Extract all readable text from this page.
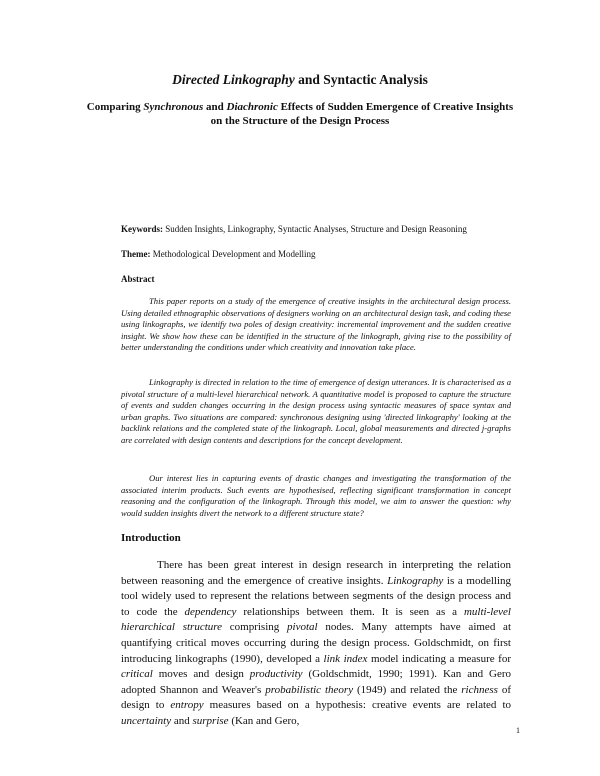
Directed Linkography and Syntactic Analysis
Comparing Synchronous and Diachronic Effects of Sudden Emergence of Creative Insights on the Structure of the Design Process
Keywords: Sudden Insights, Linkography, Syntactic Analyses, Structure and Design Reasoning
Theme: Methodological Development and Modelling
Abstract

This paper reports on a study of the emergence of creative insights in the architectural design process. Using detailed ethnographic observations of designers working on an architectural design task, and coding these using linkographs, we identify two poles of design creativity: incremental improvement and the sudden creative insight. We show how these can be identified in the structure of the linkograph, giving rise to the possibility of better understanding the conditions under which creativity and innovation take place.

Linkography is directed in relation to the time of emergence of design utterances. It is characterised as a pivotal structure of a multi-level hierarchical network. A quantitative model is proposed to capture the structure of events and sudden changes occurring in the design process using syntactic measures of space syntax and urban graphs. Two situations are compared: synchronous designing using 'directed linkography' looking at the backlink relations and the completed state of the linkograph. Local, global measurements and directed j-graphs are correlated with design contents and descriptions for the concept development.

Our interest lies in capturing events of drastic changes and investigating the transformation of the associated interim products. Such events are hypothesised, reflecting significant transformation in concept reasoning and the configuration of the linkograph. Through this model, we aim to answer the question: why would sudden insights divert the network to a different structure state?

Introduction

There has been great interest in design research in interpreting the relation between reasoning and the emergence of creative insights. Linkography is a modelling tool widely used to represent the relations between segments of the design process and to code the dependency relationships between them. It is seen as a multi-level hierarchical structure comprising pivotal nodes. Many attempts have aimed at quantifying critical moves occurring during the design process. Goldschmidt, on first introducing linkographs (1990), developed a link index model indicating a measure for critical moves and design productivity (Goldschmidt, 1990; 1991). Kan and Gero adopted Shannon and Weaver's probabilistic theory (1949) and related the richness of design to entropy measures based on a hypothesis: creative events are related to uncertainty and surprise (Kan and Gero,

1
